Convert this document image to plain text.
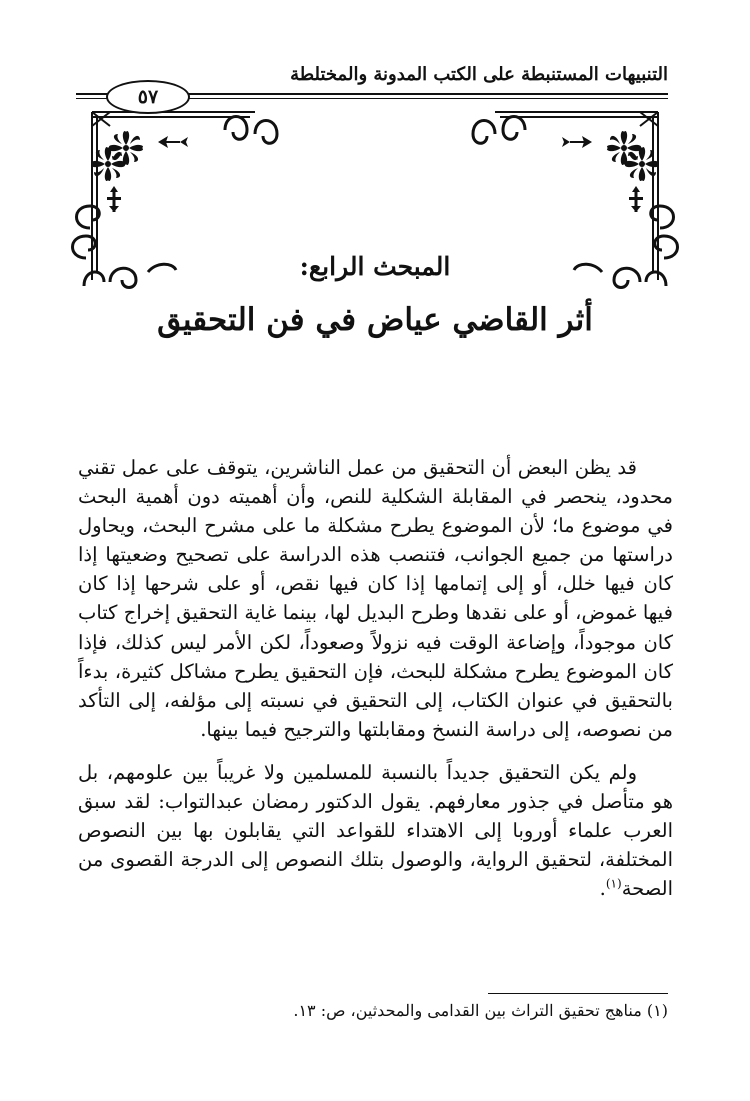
التنبيهات المستنبطة على الكتب المدونة والمختلطة
٥٧
المبحث الرابع:
أثر القاضي عياض في فن التحقيق

قد يظن البعض أن التحقيق من عمل الناشرين، يتوقف على عمل تقني محدود، ينحصر في المقابلة الشكلية للنص، وأن أهميته دون أهمية البحث في موضوع ما؛ لأن الموضوع يطرح مشكلة ما على مشرح البحث، ويحاول دراستها من جميع الجوانب، فتنصب هذه الدراسة على تصحيح وضعيتها إذا كان فيها خلل، أو إلى إتمامها إذا كان فيها نقص، أو على شرحها إذا كان فيها غموض، أو على نقدها وطرح البديل لها، بينما غاية التحقيق إخراج كتاب كان موجوداً، وإضاعة الوقت فيه نزولاً وصعوداً، لكن الأمر ليس كذلك، فإذا كان الموضوع يطرح مشكلة للبحث، فإن التحقيق يطرح مشاكل كثيرة، بدءاً بالتحقيق في عنوان الكتاب، إلى التحقيق في نسبته إلى مؤلفه، إلى التأكد من نصوصه، إلى دراسة النسخ ومقابلتها والترجيح فيما بينها.

ولم يكن التحقيق جديداً بالنسبة للمسلمين ولا غريباً بين علومهم، بل هو متأصل في جذور معارفهم. يقول الدكتور رمضان عبدالتواب: لقد سبق العرب علماء أوروبا إلى الاهتداء للقواعد التي يقابلون بها بين النصوص المختلفة، لتحقيق الرواية، والوصول بتلك النصوص إلى الدرجة القصوى من الصحة$^{(١)}$.

(١) مناهج تحقيق التراث بين القدامى والمحدثين، ص: ١٣.
